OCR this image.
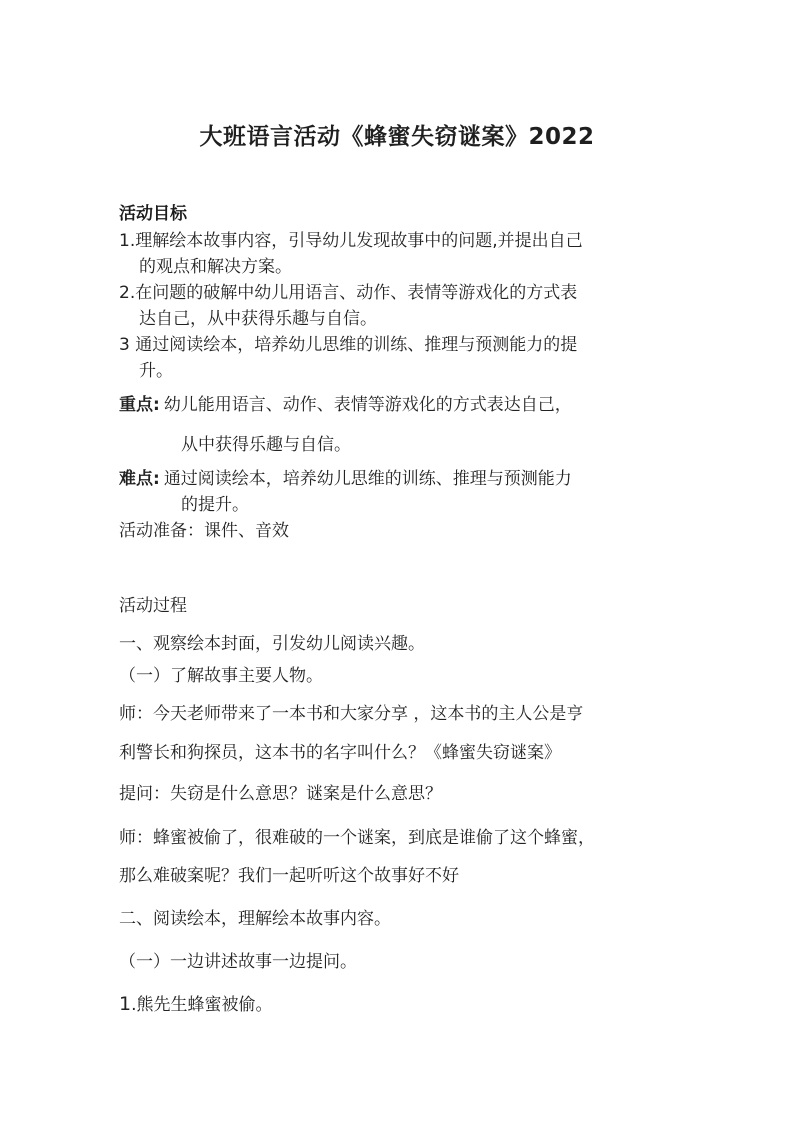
大班语言活动《蜂蜜失窃谜案》2022
活动目标
1.理解绘本故事内容，引导幼儿发现故事中的问题,并提出自己
的观点和解决方案。
2.在问题的破解中幼儿用语言、动作、表情等游戏化的方式表
达自己，从中获得乐趣与自信。
3 通过阅读绘本，培养幼儿思维的训练、推理与预测能力的提
升。
重点: 幼儿能用语言、动作、表情等游戏化的方式表达自己，
从中获得乐趣与自信。
难点: 通过阅读绘本，培养幼儿思维的训练、推理与预测能力
的提升。
活动准备：课件、音效
活动过程
一、观察绘本封面，引发幼儿阅读兴趣。
（一）了解故事主要人物。
师：今天老师带来了一本书和大家分享 ，这本书的主人公是亨
利警长和狗探员，这本书的名字叫什么？《蜂蜜失窃谜案》
提问：失窃是什么意思？谜案是什么意思？
师：蜂蜜被偷了，很难破的一个谜案，到底是谁偷了这个蜂蜜，
那么难破案呢？我们一起听听这个故事好不好
二、阅读绘本，理解绘本故事内容。
（一）一边讲述故事一边提问。
1.熊先生蜂蜜被偷。
